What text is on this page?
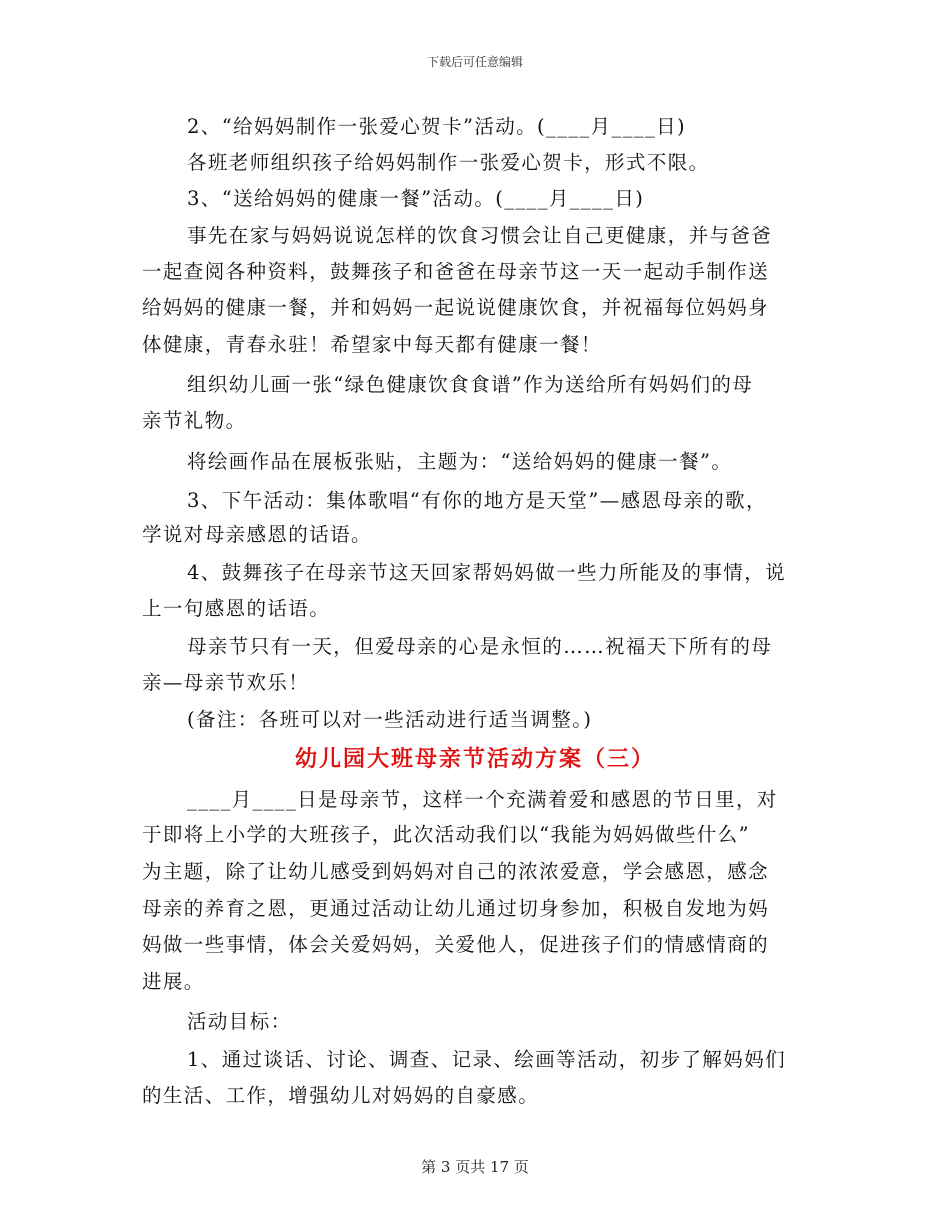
下载后可任意编辑
2、“给妈妈制作一张爱心贺卡”活动。(____月____日)
各班老师组织孩子给妈妈制作一张爱心贺卡，形式不限。
3、“送给妈妈的健康一餐”活动。(____月____日)
事先在家与妈妈说说怎样的饮食习惯会让自己更健康，并与爸爸
一起查阅各种资料，鼓舞孩子和爸爸在母亲节这一天一起动手制作送
给妈妈的健康一餐，并和妈妈一起说说健康饮食，并祝福每位妈妈身
体健康，青春永驻！希望家中每天都有健康一餐！
组织幼儿画一张“绿色健康饮食食谱”作为送给所有妈妈们的母
亲节礼物。
将绘画作品在展板张贴，主题为：“送给妈妈的健康一餐”。
3、下午活动：集体歌唱“有你的地方是天堂”—感恩母亲的歌，
学说对母亲感恩的话语。
4、鼓舞孩子在母亲节这天回家帮妈妈做一些力所能及的事情，说
上一句感恩的话语。
母亲节只有一天，但爱母亲的心是永恒的……祝福天下所有的母
亲—母亲节欢乐！
(备注：各班可以对一些活动进行适当调整。)
幼儿园大班母亲节活动方案（三）
____月____日是母亲节，这样一个充满着爱和感恩的节日里，对
于即将上小学的大班孩子，此次活动我们以“我能为妈妈做些什么”
为主题，除了让幼儿感受到妈妈对自己的浓浓爱意，学会感恩，感念
母亲的养育之恩，更通过活动让幼儿通过切身参加，积极自发地为妈
妈做一些事情，体会关爱妈妈，关爱他人，促进孩子们的情感情商的
进展。
活动目标：
1、通过谈话、讨论、调查、记录、绘画等活动，初步了解妈妈们
的生活、工作，增强幼儿对妈妈的自豪感。
第 3 页共 17 页
